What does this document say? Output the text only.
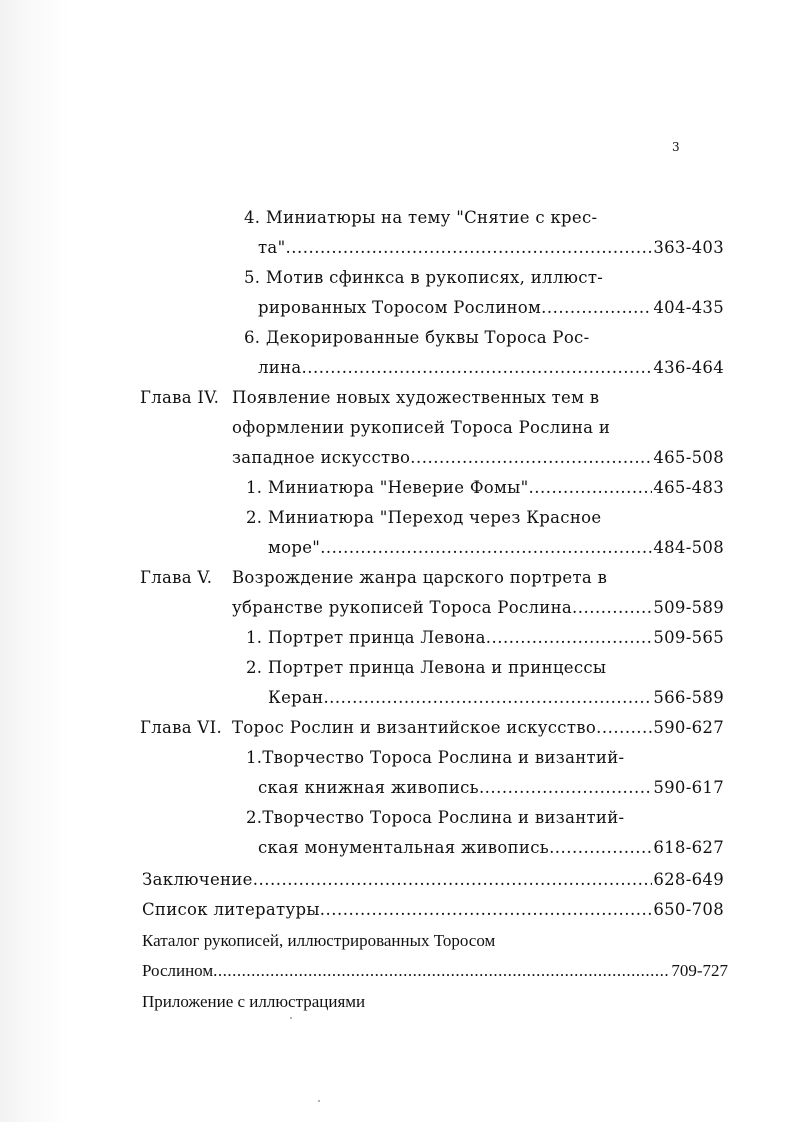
3
4. Миниатюры на тему "Снятие с крес-
та" .....	363-403
5. Мотив сфинкса в рукописях, иллюст-
рированных Торосом Рослином .....	404-435
6. Декорированные буквы Тороса Рос-
лина .....	436-464
Глава IV. Появление новых художественных тем в
оформлении рукописей Тороса Рослина и
западное искусство .....	465-508
1. Миниатюра "Неверие Фомы" .....	465-483
2. Миниатюра "Переход через Красное
море" .....	484-508
Глава V. Возрождение жанра царского портрета в
убранстве рукописей Тороса Рослина .....	509-589
1. Портрет принца Левона .....	509-565
2. Портрет принца Левона и принцессы
Керан .....	566-589
Глава VI. Торос Рослин и византийское искусство .....	590-627
1.Творчество Тороса Рослина и византий-
ская книжная живопись .....	590-617
2.Творчество Тороса Рослина и византий-
ская монументальная живопись .....	618-627
Заключение .....	628-649
Список литературы .....	650-708
Каталог рукописей, иллюстрированных Торосом
Рослином .....	709-727
Приложение с иллюстрациями
